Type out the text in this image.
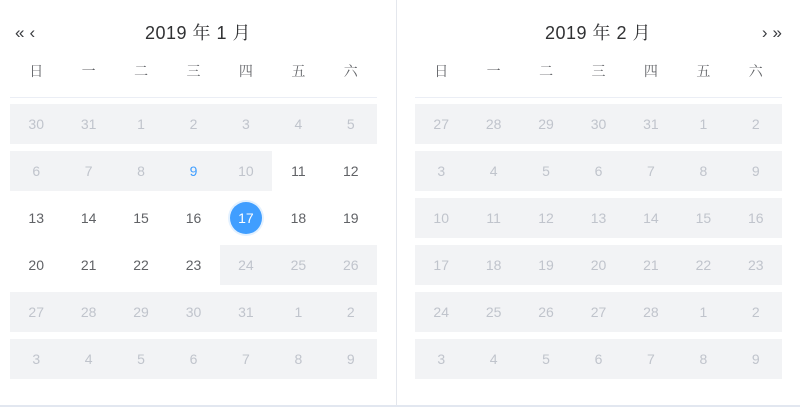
« ‹	2019 年 1 月
日	一	二	三	四	五	六
30	31	1	2	3	4	5
6	7	8	9	10	11	12
13	14	15	16	17	18	19
20	21	22	23	24	25	26
27	28	29	30	31	1	2
3	4	5	6	7	8	9
2019 年 2 月	› »
日	一	二	三	四	五	六
27	28	29	30	31	1	2
3	4	5	6	7	8	9
10	11	12	13	14	15	16
17	18	19	20	21	22	23
24	25	26	27	28	1	2
3	4	5	6	7	8	9
